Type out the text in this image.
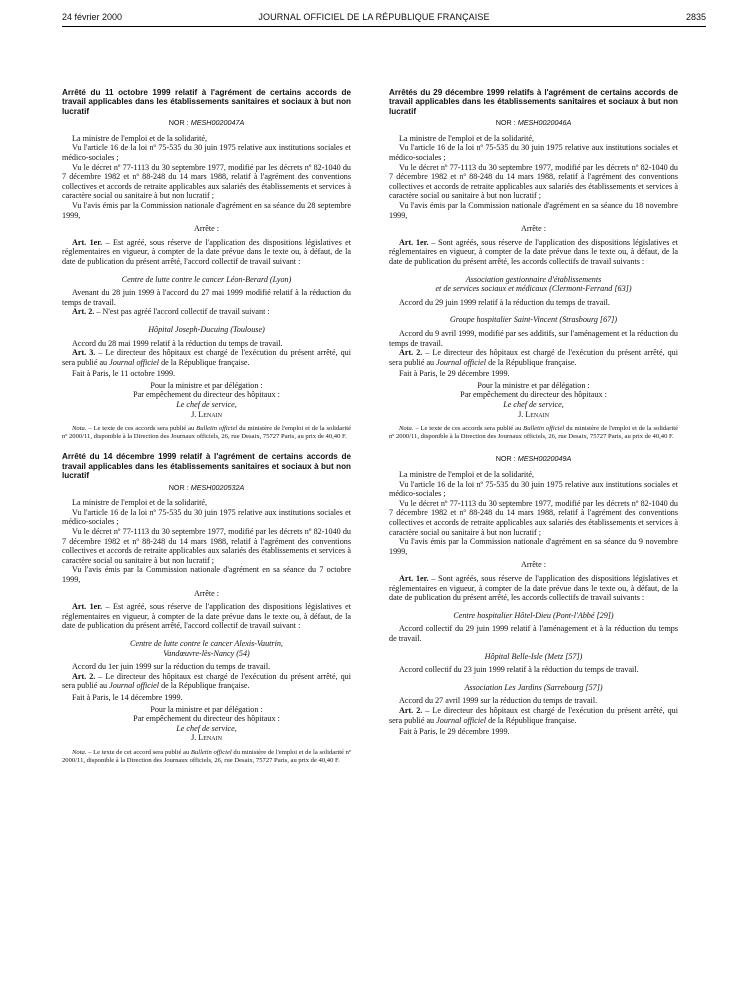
24 février 2000	JOURNAL OFFICIEL DE LA RÉPUBLIQUE FRANÇAISE	2835

Arrêté du 11 octobre 1999 relatif à l'agrément de certains accords de travail applicables dans les établissements sanitaires et sociaux à but non lucratif

NOR : MESH0020047A

La ministre de l'emploi et de la solidarité,

Vu l'article 16 de la loi nº 75-535 du 30 juin 1975 relative aux institutions sociales et médico-sociales ;

Vu le décret nº 77-1113 du 30 septembre 1977, modifié par les décrets nº 82-1040 du 7 décembre 1982 et nº 88-248 du 14 mars 1988, relatif à l'agrément des conventions collectives et accords de retraite applicables aux salariés des établissements et services à caractère social ou sanitaire à but non lucratif ;

Vu l'avis émis par la Commission nationale d'agrément en sa séance du 28 septembre 1999,

Arrête :

Art. 1er. – Est agréé, sous réserve de l'application des dispositions législatives et réglementaires en vigueur, à compter de la date prévue dans le texte ou, à défaut, de la date de publication du présent arrêté, l'accord collectif de travail suivant :

Centre de lutte contre le cancer Léon-Berard (Lyon)

Avenant du 28 juin 1999 à l'accord du 27 mai 1999 modifié relatif à la réduction du temps de travail.

Art. 2. – N'est pas agréé l'accord collectif de travail suivant :

Hôpital Joseph-Ducuing (Toulouse)

Accord du 28 mai 1999 relatif à la réduction du temps de travail.

Art. 3. – Le directeur des hôpitaux est chargé de l'exécution du présent arrêté, qui sera publié au Journal officiel de la République française.

Fait à Paris, le 11 octobre 1999.

Pour la ministre et par délégation :

Par empêchement du directeur des hôpitaux :

Le chef de service,

J. Lenain

Nota. – Le texte de ces accords sera publié au Bulletin officiel du ministère de l'emploi et de la solidarité nº 2000/11, disponible à la Direction des Journaux officiels, 26, rue Desaix, 75727 Paris, au prix de 40,40 F.

Arrêté du 14 décembre 1999 relatif à l'agrément de certains accords de travail applicables dans les établissements sanitaires et sociaux à but non lucratif

NOR : MESH0020532A

La ministre de l'emploi et de la solidarité,

Vu l'article 16 de la loi nº 75-535 du 30 juin 1975 relative aux institutions sociales et médico-sociales ;

Vu le décret nº 77-1113 du 30 septembre 1977, modifié par les décrets nº 82-1040 du 7 décembre 1982 et nº 88-248 du 14 mars 1988, relatif à l'agrément des conventions collectives et accords de retraite applicables aux salariés des établissements et services à caractère social ou sanitaire à but non lucratif ;

Vu l'avis émis par la Commission nationale d'agrément en sa séance du 7 octobre 1999,

Arrête :

Art. 1er. – Est agréé, sous réserve de l'application des dispositions législatives et réglementaires en vigueur, à compter de la date prévue dans le texte ou, à défaut, de la date de publication du présent arrêté, l'accord collectif de travail suivant :

Centre de lutte contre le cancer Alexis-Vautrin,

Vandœuvre-lès-Nancy (54)

Accord du 1er juin 1999 sur la réduction du temps de travail.

Art. 2. – Le directeur des hôpitaux est chargé de l'exécution du présent arrêté, qui sera publié au Journal officiel de la République française.

Fait à Paris, le 14 décembre 1999.

Pour la ministre et par délégation :

Par empêchement du directeur des hôpitaux :

Le chef de service,

J. Lenain

Nota. – Le texte de cet accord sera publié au Bulletin officiel du ministère de l'emploi et de la solidarité nº 2000/11, disponible à la Direction des Journaux officiels, 26, rue Desaix, 75727 Paris, au prix de 40,40 F.

Arrêtés du 29 décembre 1999 relatifs à l'agrément de certains accords de travail applicables dans les établissements sanitaires et sociaux à but non lucratif

NOR : MESH0020046A

La ministre de l'emploi et de la solidarité,

Vu l'article 16 de la loi nº 75-535 du 30 juin 1975 relative aux institutions sociales et médico-sociales ;

Vu le décret nº 77-1113 du 30 septembre 1977, modifié par les décrets nº 82-1040 du 7 décembre 1982 et nº 88-248 du 14 mars 1988, relatif à l'agrément des conventions collectives et accords de retraite applicables aux salariés des établissements et services à caractère social ou sanitaire à but non lucratif ;

Vu l'avis émis par la Commission nationale d'agrément en sa séance du 18 novembre 1999,

Arrête :

Art. 1er. – Sont agréés, sous réserve de l'application des dispositions législatives et réglementaires en vigueur, à compter de la date prévue dans le texte ou, à défaut, de la date de publication du présent arrêté, les accords collectifs de travail suivants :

Association gestionnaire d'établissements

et de services sociaux et médicaux (Clermont-Ferrand [63])

Accord du 29 juin 1999 relatif à la réduction du temps de travail.

Groupe hospitalier Saint-Vincent (Strasbourg [67])

Accord du 9 avril 1999, modifié par ses additifs, sur l'aménagement et la réduction du temps de travail.

Art. 2. – Le directeur des hôpitaux est chargé de l'exécution du présent arrêté, qui sera publié au Journal officiel de la République française.

Fait à Paris, le 29 décembre 1999.

Pour la ministre et par délégation :

Par empêchement du directeur des hôpitaux :

Le chef de service,

J. Lenain

Nota. – Le texte de ces accords sera publié au Bulletin officiel du ministère de l'emploi et de la solidarité nº 2000/11, disponible à la Direction des Journaux officiels, 26, rue Desaix, 75727 Paris, au prix de 40,40 F.

NOR : MESH0020049A

La ministre de l'emploi et de la solidarité,

Vu l'article 16 de la loi nº 75-535 du 30 juin 1975 relative aux institutions sociales et médico-sociales ;

Vu le décret nº 77-1113 du 30 septembre 1977, modifié par les décrets nº 82-1040 du 7 décembre 1982 et nº 88-248 du 14 mars 1988, relatif à l'agrément des conventions collectives et accords de retraite applicables aux salariés des établissements et services à caractère social ou sanitaire à but non lucratif ;

Vu l'avis émis par la Commission nationale d'agrément en sa séance du 9 novembre 1999,

Arrête :

Art. 1er. – Sont agréés, sous réserve de l'application des dispositions législatives et réglementaires en vigueur, à compter de la date prévue dans le texte ou, à défaut, de la date de publication du présent arrêté, les accords collectifs de travail suivants :

Centre hospitalier Hôtel-Dieu (Pont-l'Abbé [29])

Accord collectif du 29 juin 1999 relatif à l'aménagement et à la réduction du temps de travail.

Hôpital Belle-Isle (Metz [57])

Accord collectif du 23 juin 1999 relatif à la réduction du temps de travail.

Association Les Jardins (Sarrebourg [57])

Accord du 27 avril 1999 sur la réduction du temps de travail.

Art. 2. – Le directeur des hôpitaux est chargé de l'exécution du présent arrêté, qui sera publié au Journal officiel de la République française.

Fait à Paris, le 29 décembre 1999.
